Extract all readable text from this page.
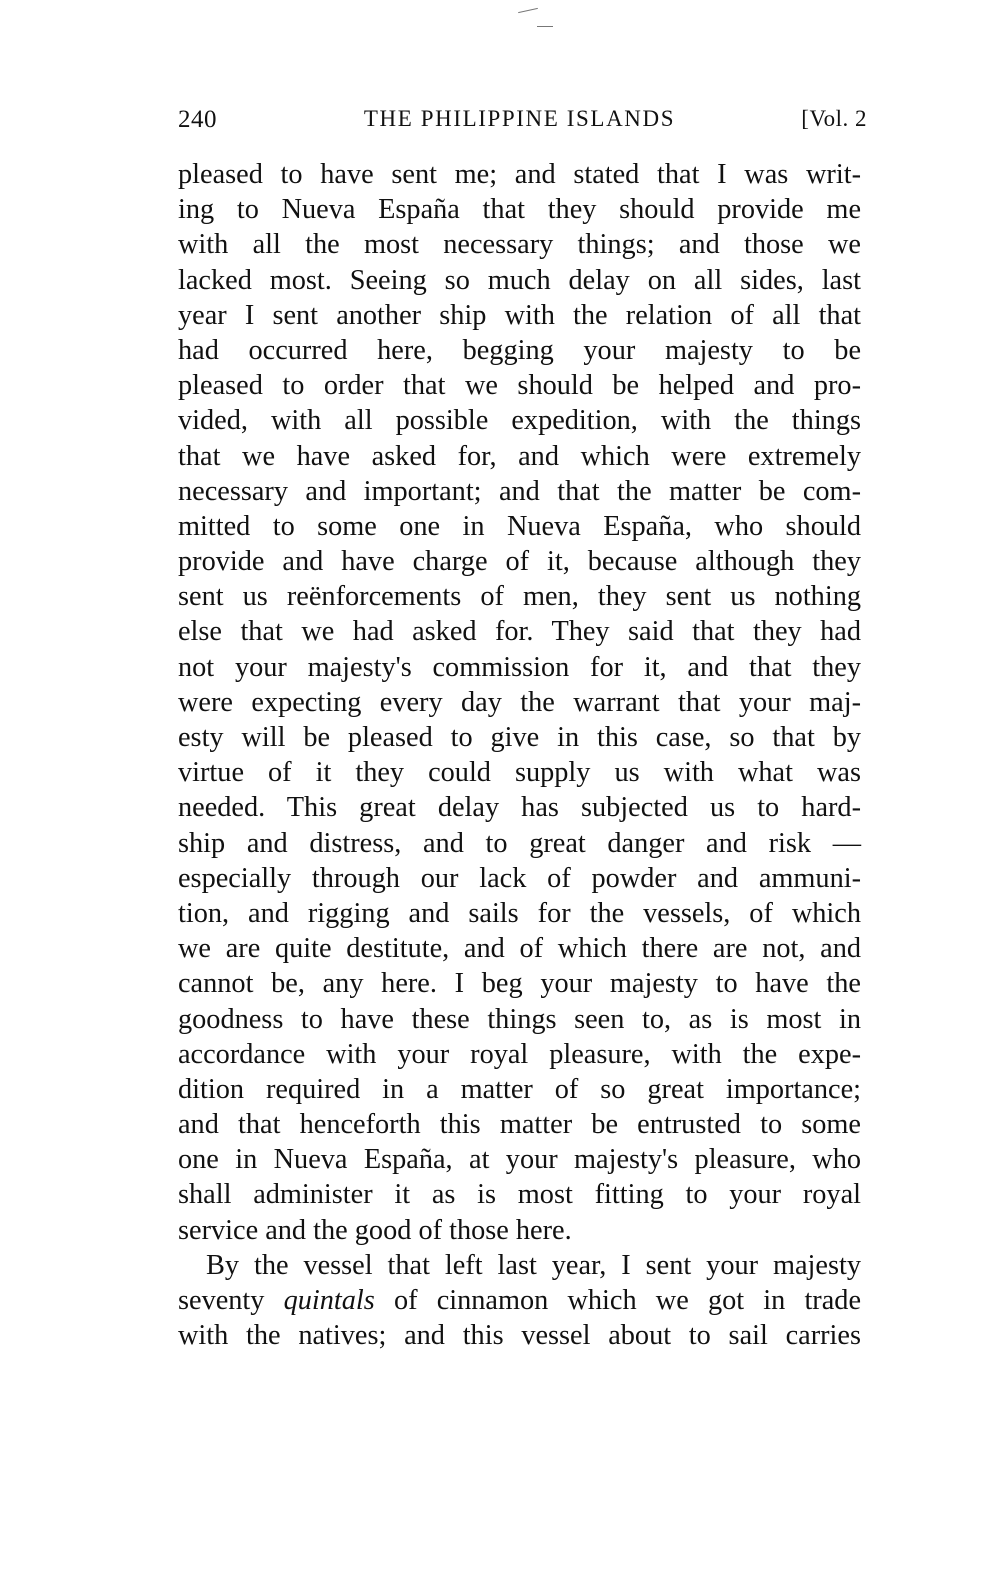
240	THE PHILIPPINE ISLANDS	[Vol. 2
pleased to have sent me; and stated that I was writ-
ing to Nueva España that they should provide me
with all the most necessary things; and those we
lacked most. Seeing so much delay on all sides, last
year I sent another ship with the relation of all that
had occurred here, begging your majesty to be
pleased to order that we should be helped and pro-
vided, with all possible expedition, with the things
that we have asked for, and which were extremely
necessary and important; and that the matter be com-
mitted to some one in Nueva España, who should
provide and have charge of it, because although they
sent us reënforcements of men, they sent us nothing
else that we had asked for. They said that they had
not your majesty's commission for it, and that they
were expecting every day the warrant that your maj-
esty will be pleased to give in this case, so that by
virtue of it they could supply us with what was
needed. This great delay has subjected us to hard-
ship and distress, and to great danger and risk —
especially through our lack of powder and ammuni-
tion, and rigging and sails for the vessels, of which
we are quite destitute, and of which there are not, and
cannot be, any here. I beg your majesty to have the
goodness to have these things seen to, as is most in
accordance with your royal pleasure, with the expe-
dition required in a matter of so great importance;
and that henceforth this matter be entrusted to some
one in Nueva España, at your majesty's pleasure, who
shall administer it as is most fitting to your royal
service and the good of those here.
By the vessel that left last year, I sent your majesty
seventy quintals of cinnamon which we got in trade
with the natives; and this vessel about to sail carries
